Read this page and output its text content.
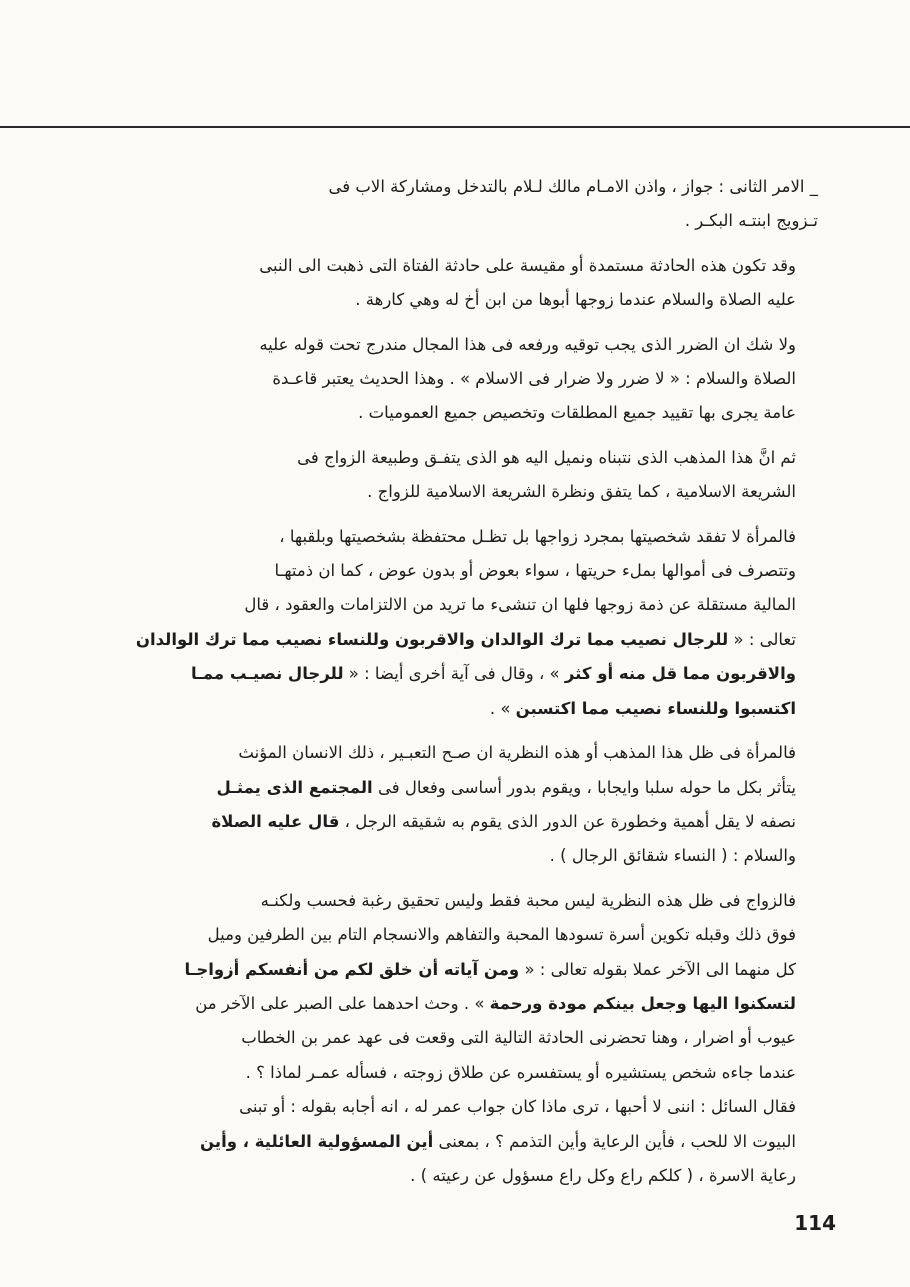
_ الامر الثانى : جواز ، واذن الامـام مالك لـلام بالتدخل ومشاركة الاب فى
تـزويج ابنتـه البكـر .

وقد تكون هذه الحادثة مستمدة أو مقيسة على حادثة الفتاة التى ذهبت الى النبى
عليه الصلاة والسلام عندما زوجها أبوها من ابن أخ له وهي كارهة .

ولا شك ان الضرر الذى يجب توقيه ورفعه فى هذا المجال مندرج تحت قوله عليه
الصلاة والسلام : « لا ضرر ولا ضرار فى الاسلام » . وهذا الحديث يعتبر قاعـدة
عامة يجرى بها تقييد جميع المطلقات وتخصيص جميع العموميات .

ثم انَّ هذا المذهب الذى نتبناه ونميل اليه هو الذى يتفـق وطبيعة الزواج فى
الشريعة الاسلامية ، كما يتفق ونظرة الشريعة الاسلامية للزواج .

فالمرأة لا تفقد شخصيتها بمجرد زواجها بل تظـل محتفظة بشخصيتها وبلقبها ،
وتتصرف فى أموالها بملء حريتها ، سواء بعوض أو بدون عوض ، كما ان ذمتهـا
المالية مستقلة عن ذمة زوجها فلها ان تنشىء ما تريد من الالتزامات والعقود ، قال
تعالى : « للرجال نصيب مما ترك الوالدان والاقربون وللنساء نصيب مما ترك الوالدان
والاقربون مما قل منه أو كثر » ، وقال فى آية أخرى أيضا : « للرجال نصيـب ممـا
اكتسبوا وللنساء نصيب مما اكتسبن » .

فالمرأة فى ظل هذا المذهب أو هذه النظرية ان صـح التعبـير ، ذلك الانسان المؤنث
يتأثر بكل ما حوله سلبا وايجابا ، ويقوم بدور أساسى وفعال فى المجتمع الذى يمثـل
نصفه لا يقل أهمية وخطورة عن الدور الذى يقوم به شقيقه الرجل ، قال عليه الصلاة
والسلام : ( النساء شقائق الرجال ) .

فالزواج فى ظل هذه النظرية ليس محبة فقط وليس تحقيق رغبة فحسب ولكنـه
فوق ذلك وقبله تكوين أسرة تسودها المحبة والتفاهم والانسجام التام بين الطرفين وميل
كل منهما الى الآخر عملا بقوله تعالى : « ومن آياته أن خلق لكم من أنفسكم أزواجـا
لتسكنوا اليها وجعل بينكم مودة ورحمة » . وحث احدهما على الصبر على الآخر من
عيوب أو اضرار ، وهنا تحضرنى الحادثة التالية التى وقعت فى عهد عمر بن الخطاب
عندما جاءه شخص يستشيره أو يستفسره عن طلاق زوجته ، فسأله عمـر لماذا ؟ .
فقال السائل : اننى لا أحبها ، ترى ماذا كان جواب عمر له ، انه أجابه بقوله : أو تبنى
البيوت الا للحب ، فأين الرعاية وأين التذمم ؟ ، بمعنى أين المسؤولية العائلية ، وأين
رعاية الاسرة ، ( كلكم راع وكل راع مسؤول عن رعيته ) .

114
